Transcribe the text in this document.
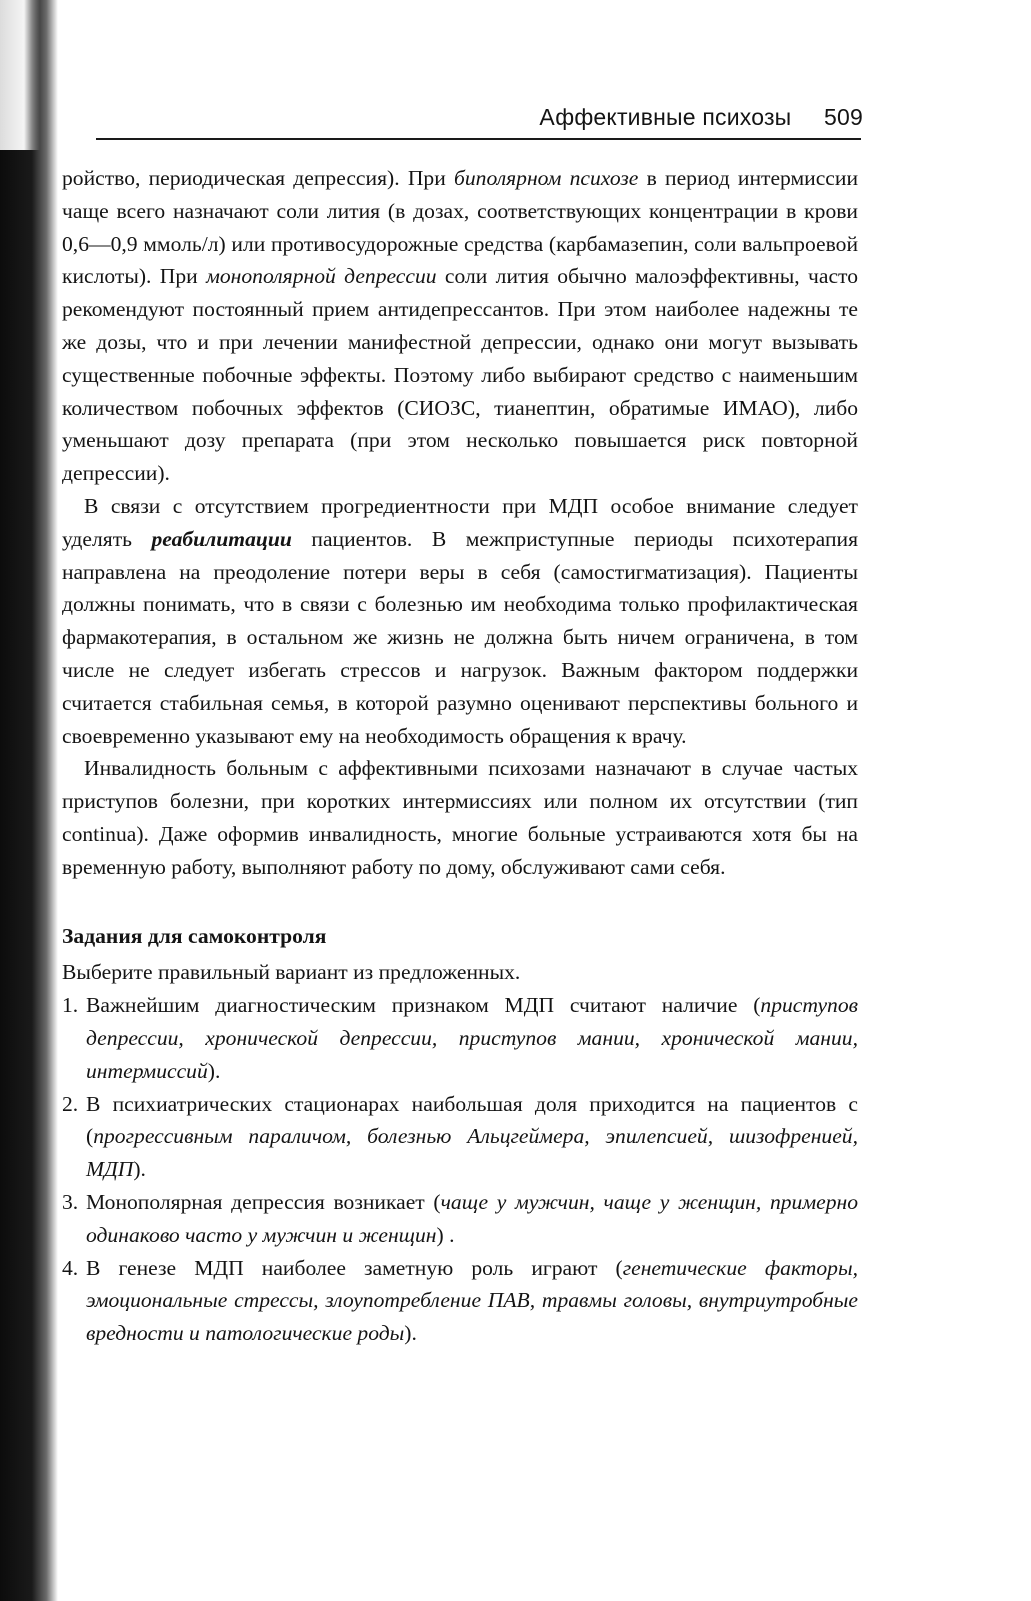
Аффективные психозы 509

ройство, периодическая депрессия). При биполярном психозе в период интермиссии чаще всего назначают соли лития (в дозах, соответствующих концентрации в крови 0,6—0,9 ммоль/л) или противосудорожные средства (карбамазепин, соли вальпроевой кислоты). При монополярной депрессии соли лития обычно малоэффективны, часто рекомендуют постоянный прием антидепрессантов. При этом наиболее надежны те же дозы, что и при лечении манифестной депрессии, однако они могут вызывать существенные побочные эффекты. Поэтому либо выбирают средство с наименьшим количеством побочных эффектов (СИОЗС, тианептин, обратимые ИМАО), либо уменьшают дозу препарата (при этом несколько повышается риск повторной депрессии).

В связи с отсутствием прогредиентности при МДП особое внимание следует уделять реабилитации пациентов. В межприступные периоды психотерапия направлена на преодоление потери веры в себя (самостигматизация). Пациенты должны понимать, что в связи с болезнью им необходима только профилактическая фармакотерапия, в остальном же жизнь не должна быть ничем ограничена, в том числе не следует избегать стрессов и нагрузок. Важным фактором поддержки считается стабильная семья, в которой разумно оценивают перспективы больного и своевременно указывают ему на необходимость обращения к врачу.

Инвалидность больным с аффективными психозами назначают в случае частых приступов болезни, при коротких интермиссиях или полном их отсутствии (тип continua). Даже оформив инвалидность, многие больные устраиваются хотя бы на временную работу, выполняют работу по дому, обслуживают сами себя.

Задания для самоконтроля

Выберите правильный вариант из предложенных.

1. Важнейшим диагностическим признаком МДП считают наличие (приступов депрессии, хронической депрессии, приступов мании, хронической мании, интермиссий).
2. В психиатрических стационарах наибольшая доля приходится на пациентов с (прогрессивным параличом, болезнью Альцгеймера, эпилепсией, шизофренией, МДП).
3. Монополярная депрессия возникает (чаще у мужчин, чаще у женщин, примерно одинаково часто у мужчин и женщин) .
4. В генезе МДП наиболее заметную роль играют (генетические факторы, эмоциональные стрессы, злоупотребление ПАВ, травмы головы, внутриутробные вредности и патологические роды).
